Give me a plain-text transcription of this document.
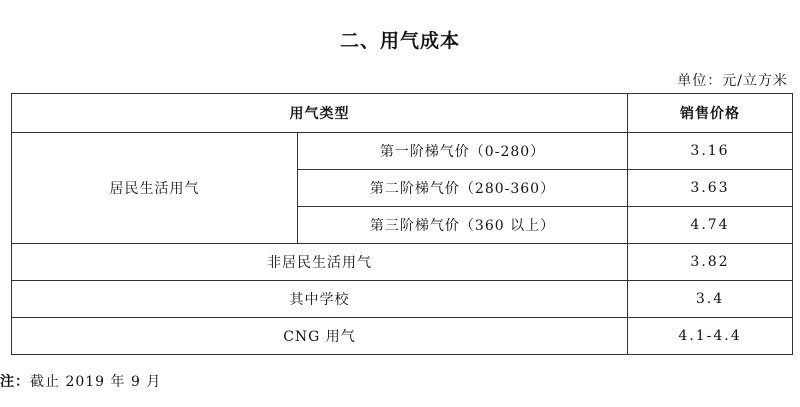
二、用气成本
单位：元/立方米
用气类型		销售价格
居民生活用气	第一阶梯气价（0-280）	3.16
	第二阶梯气价（280-360）	3.63
	第三阶梯气价（360 以上）	4.74
非居民生活用气		3.82
其中学校		3.4
CNG 用气		4.1-4.4
注：截止 2019 年 9 月
